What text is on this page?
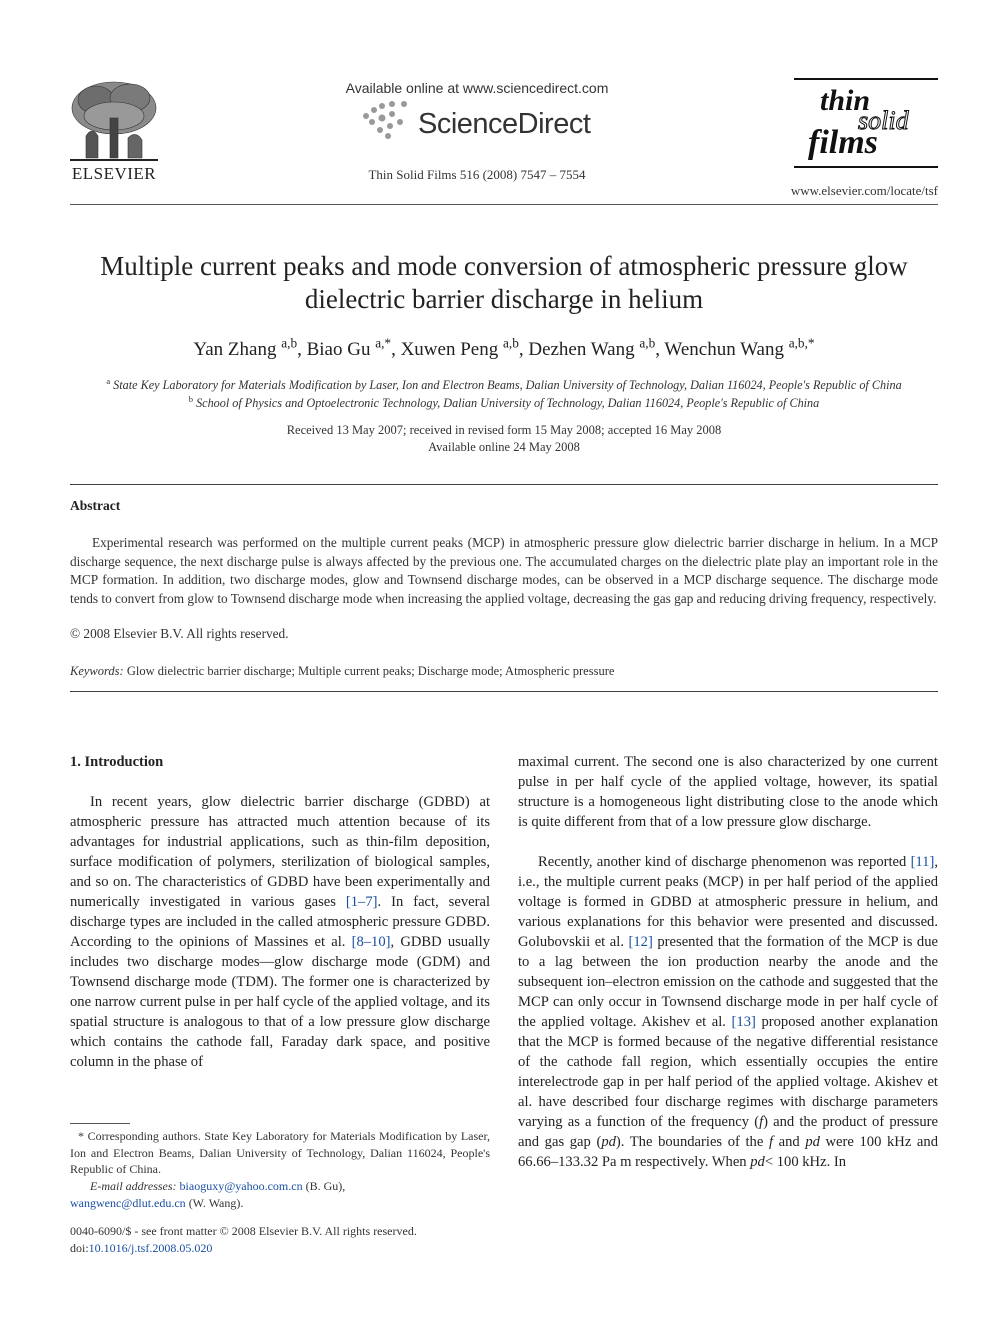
ELSEVIER
Available online at www.sciencedirect.com
ScienceDirect
Thin Solid Films 516 (2008) 7547 – 7554
thin
solid
films
www.elsevier.com/locate/tsf
Multiple current peaks and mode conversion of atmospheric pressure glow
dielectric barrier discharge in helium
Yan Zhang $^{a,b}$, Biao Gu $^{a,*}$, Xuwen Peng $^{a,b}$, Dezhen Wang $^{a,b}$, Wenchun Wang $^{a,b,*}$
$^a$ State Key Laboratory for Materials Modification by Laser, Ion and Electron Beams, Dalian University of Technology, Dalian 116024, People's Republic of China
$^b$ School of Physics and Optoelectronic Technology, Dalian University of Technology, Dalian 116024, People's Republic of China
Received 13 May 2007; received in revised form 15 May 2008; accepted 16 May 2008
Available online 24 May 2008
Abstract
Experimental research was performed on the multiple current peaks (MCP) in atmospheric pressure glow dielectric barrier discharge in helium. In a MCP discharge sequence, the next discharge pulse is always affected by the previous one. The accumulated charges on the dielectric plate play an important role in the MCP formation. In addition, two discharge modes, glow and Townsend discharge modes, can be observed in a MCP discharge sequence. The discharge mode tends to convert from glow to Townsend discharge mode when increasing the applied voltage, decreasing the gas gap and reducing driving frequency, respectively.
© 2008 Elsevier B.V. All rights reserved.
Keywords: Glow dielectric barrier discharge; Multiple current peaks; Discharge mode; Atmospheric pressure
1. Introduction
In recent years, glow dielectric barrier discharge (GDBD) at atmospheric pressure has attracted much attention because of its advantages for industrial applications, such as thin-film deposition, surface modification of polymers, sterilization of biological samples, and so on. The characteristics of GDBD have been experimentally and numerically investigated in various gases [1–7]. In fact, several discharge types are included in the called atmospheric pressure GDBD. According to the opinions of Massines et al. [8–10], GDBD usually includes two discharge modes—glow discharge mode (GDM) and Townsend discharge mode (TDM). The former one is characterized by one narrow current pulse in per half cycle of the applied voltage, and its spatial structure is analogous to that of a low pressure glow discharge which contains the cathode fall, Faraday dark space, and positive column in the phase of
* Corresponding authors. State Key Laboratory for Materials Modification by Laser, Ion and Electron Beams, Dalian University of Technology, Dalian 116024, People's Republic of China.
E-mail addresses: biaoguxy@yahoo.com.cn (B. Gu),
wangwenc@dlut.edu.cn (W. Wang).
0040-6090/$ - see front matter © 2008 Elsevier B.V. All rights reserved.
doi:10.1016/j.tsf.2008.05.020
maximal current. The second one is also characterized by one current pulse in per half cycle of the applied voltage, however, its spatial structure is a homogeneous light distributing close to the anode which is quite different from that of a low pressure glow discharge.
Recently, another kind of discharge phenomenon was reported [11], i.e., the multiple current peaks (MCP) in per half period of the applied voltage is formed in GDBD at atmospheric pressure in helium, and various explanations for this behavior were presented and discussed. Golubovskii et al. [12] presented that the formation of the MCP is due to a lag between the ion production nearby the anode and the subsequent ion–electron emission on the cathode and suggested that the MCP can only occur in Townsend discharge mode in per half cycle of the applied voltage. Akishev et al. [13] proposed another explanation that the MCP is formed because of the negative differential resistance of the cathode fall region, which essentially occupies the entire interelectrode gap in per half period of the applied voltage. Akishev et al. have described four discharge regimes with discharge parameters varying as a function of the frequency (f) and the product of pressure and gas gap (pd). The boundaries of the f and pd were 100 kHz and 66.66–133.32 Pa m respectively. When pd< 100 kHz. In
